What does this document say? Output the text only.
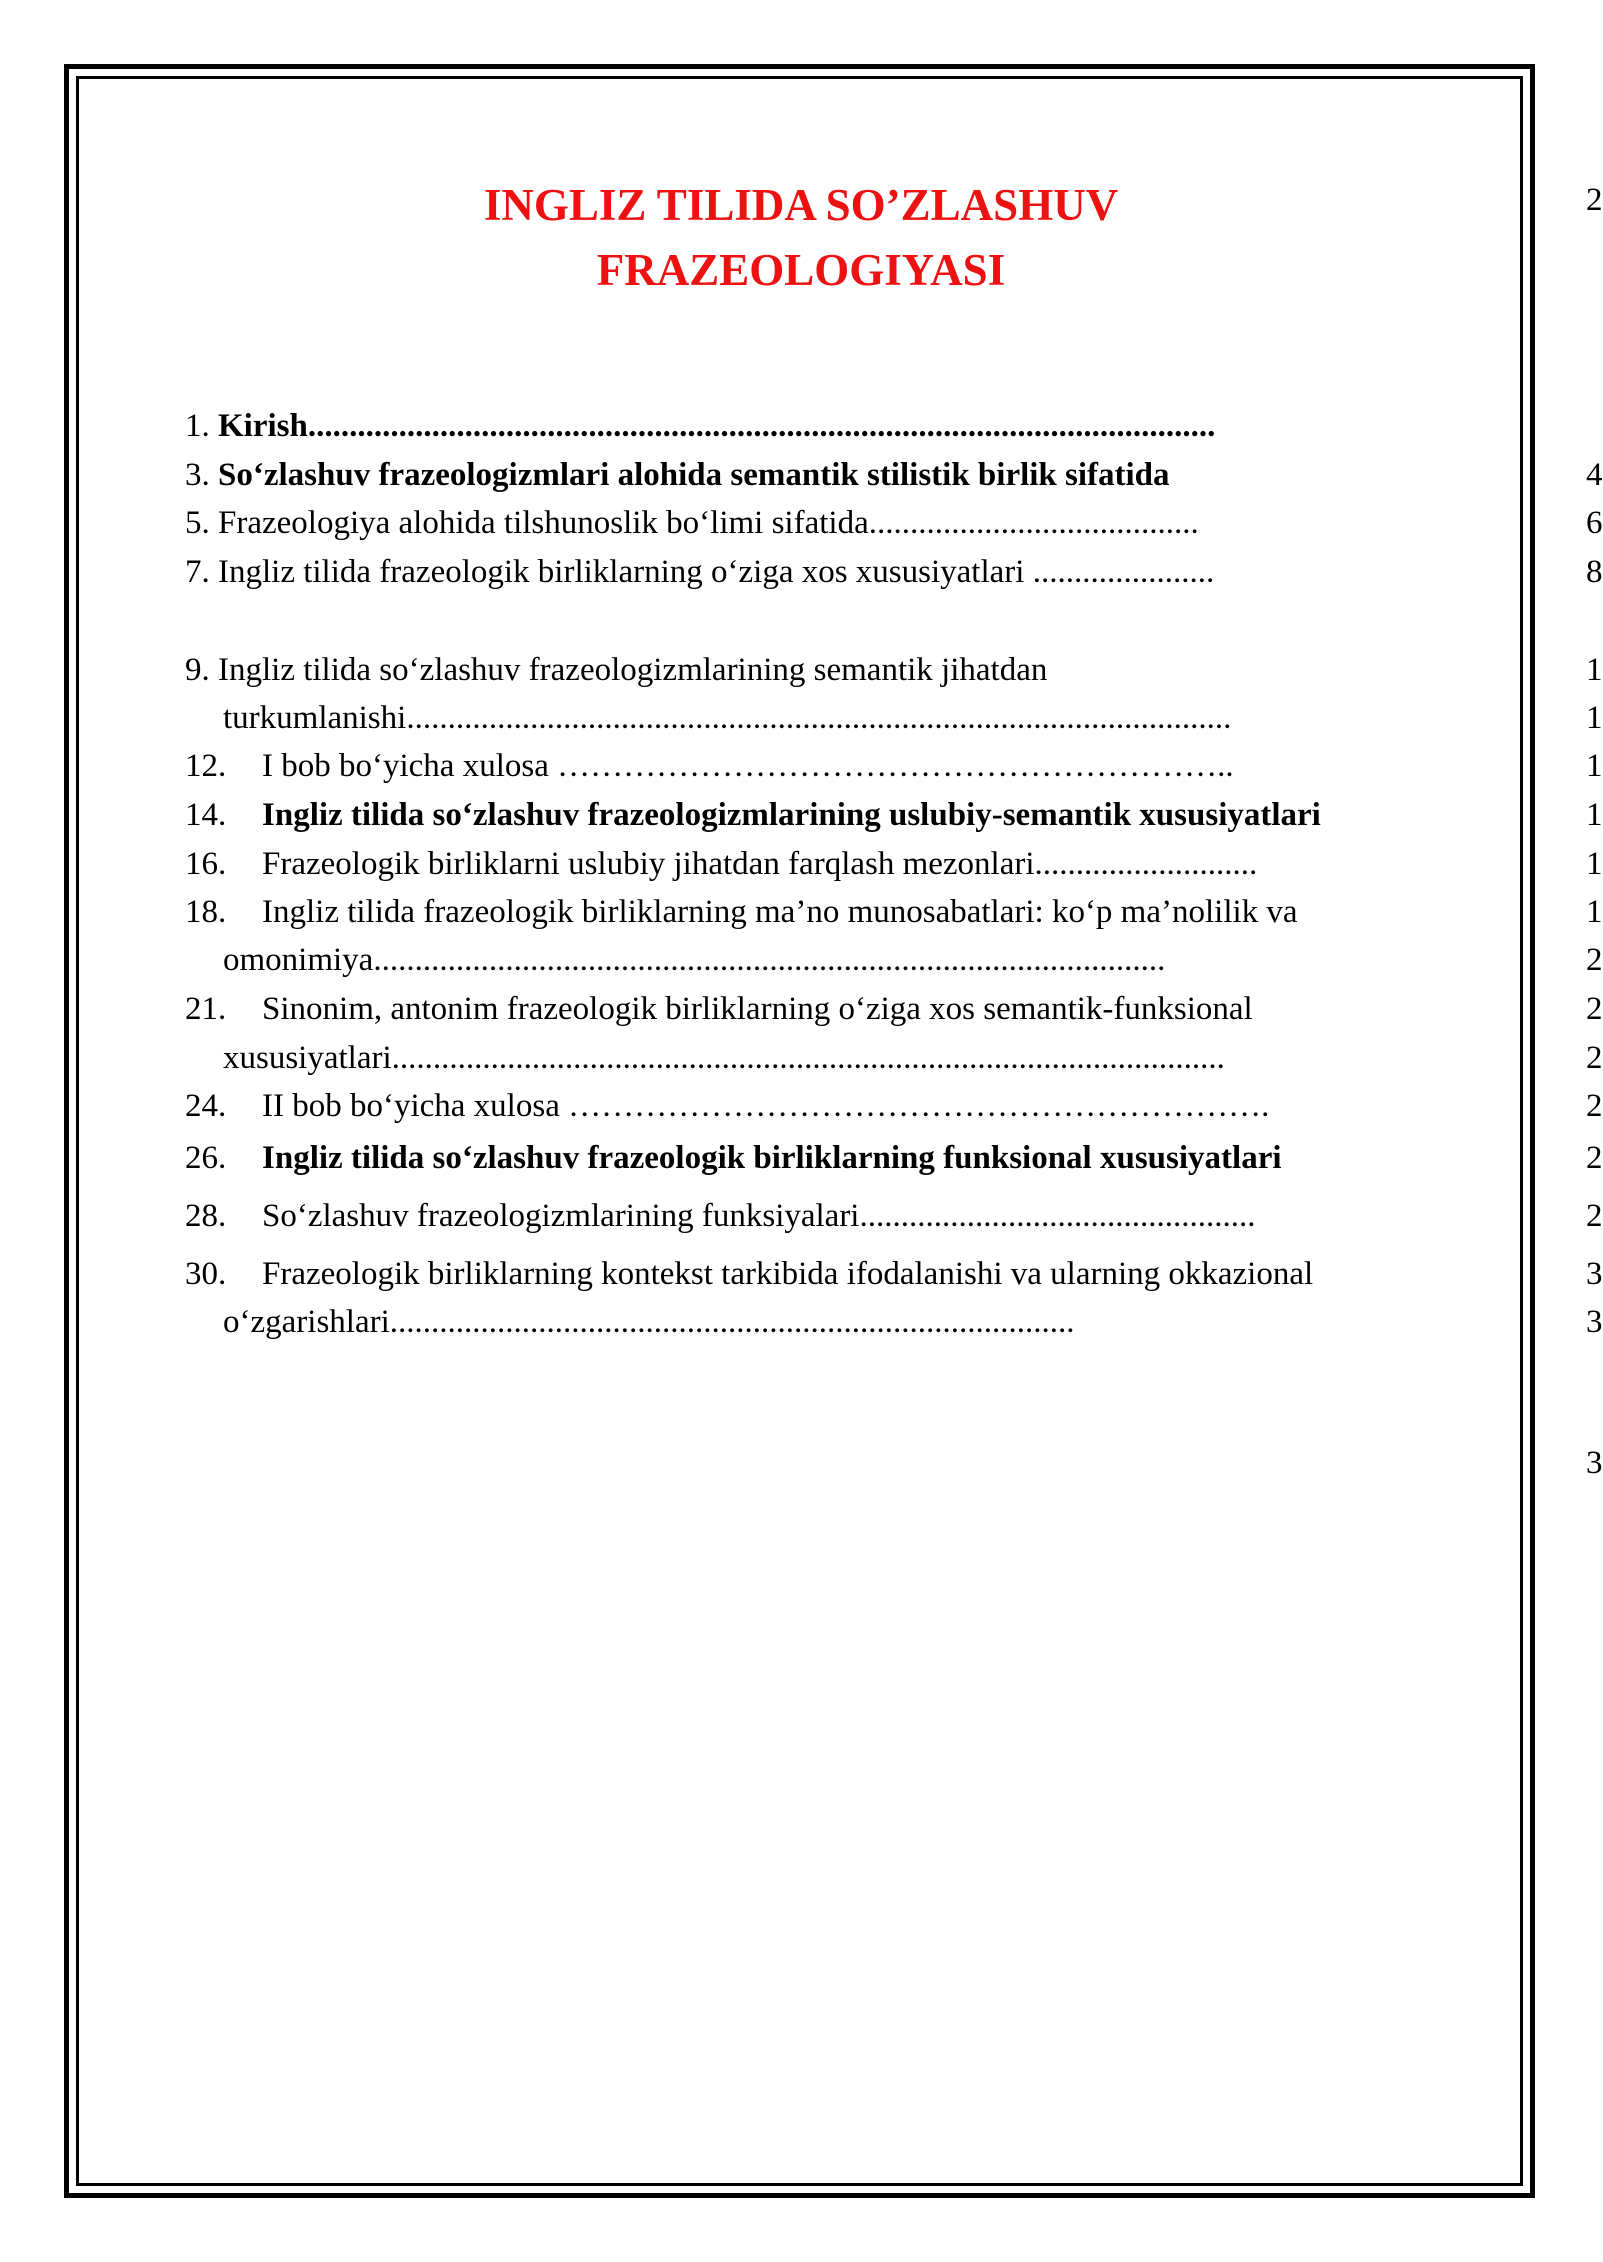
INGLIZ TILIDA SO’ZLASHUV
FRAZEOLOGIYASI
1. Kirish..............................................................................................................
3. So‘zlashuv frazeologizmlari alohida semantik stilistik birlik sifatida
5. Frazeologiya alohida tilshunoslik bo‘limi sifatida........................................
7. Ingliz tilida frazeologik birliklarning o‘ziga xos xususiyatlari ......................
9. Ingliz tilida so‘zlashuv frazeologizmlarining semantik jihatdan
turkumlanishi....................................................................................................
12. I bob bo‘yicha xulosa ……………………………………………………..
14. Ingliz tilida so‘zlashuv frazeologizmlarining uslubiy-semantik xususiyatlari
16. Frazeologik birliklarni uslubiy jihatdan farqlash mezonlari...........................
18. Ingliz tilida frazeologik birliklarning ma’no munosabatlari: ko‘p ma’nolilik va
omonimiya................................................................................................
21. Sinonim, antonim frazeologik birliklarning o‘ziga xos semantik-funksional
xususiyatlari.....................................................................................................
24. II bob bo‘yicha xulosa ……………………………………………………….
26. Ingliz tilida so‘zlashuv frazeologik birliklarning funksional xususiyatlari
28. So‘zlashuv frazeologizmlarining funksiyalari................................................
30. Frazeologik birliklarning kontekst tarkibida ifodalanishi va ularning okkazional
o‘zgarishlari...................................................................................
2
4
6
8
1
1
1
1
1
1
2
2
2
2
2
2
3
3
3
